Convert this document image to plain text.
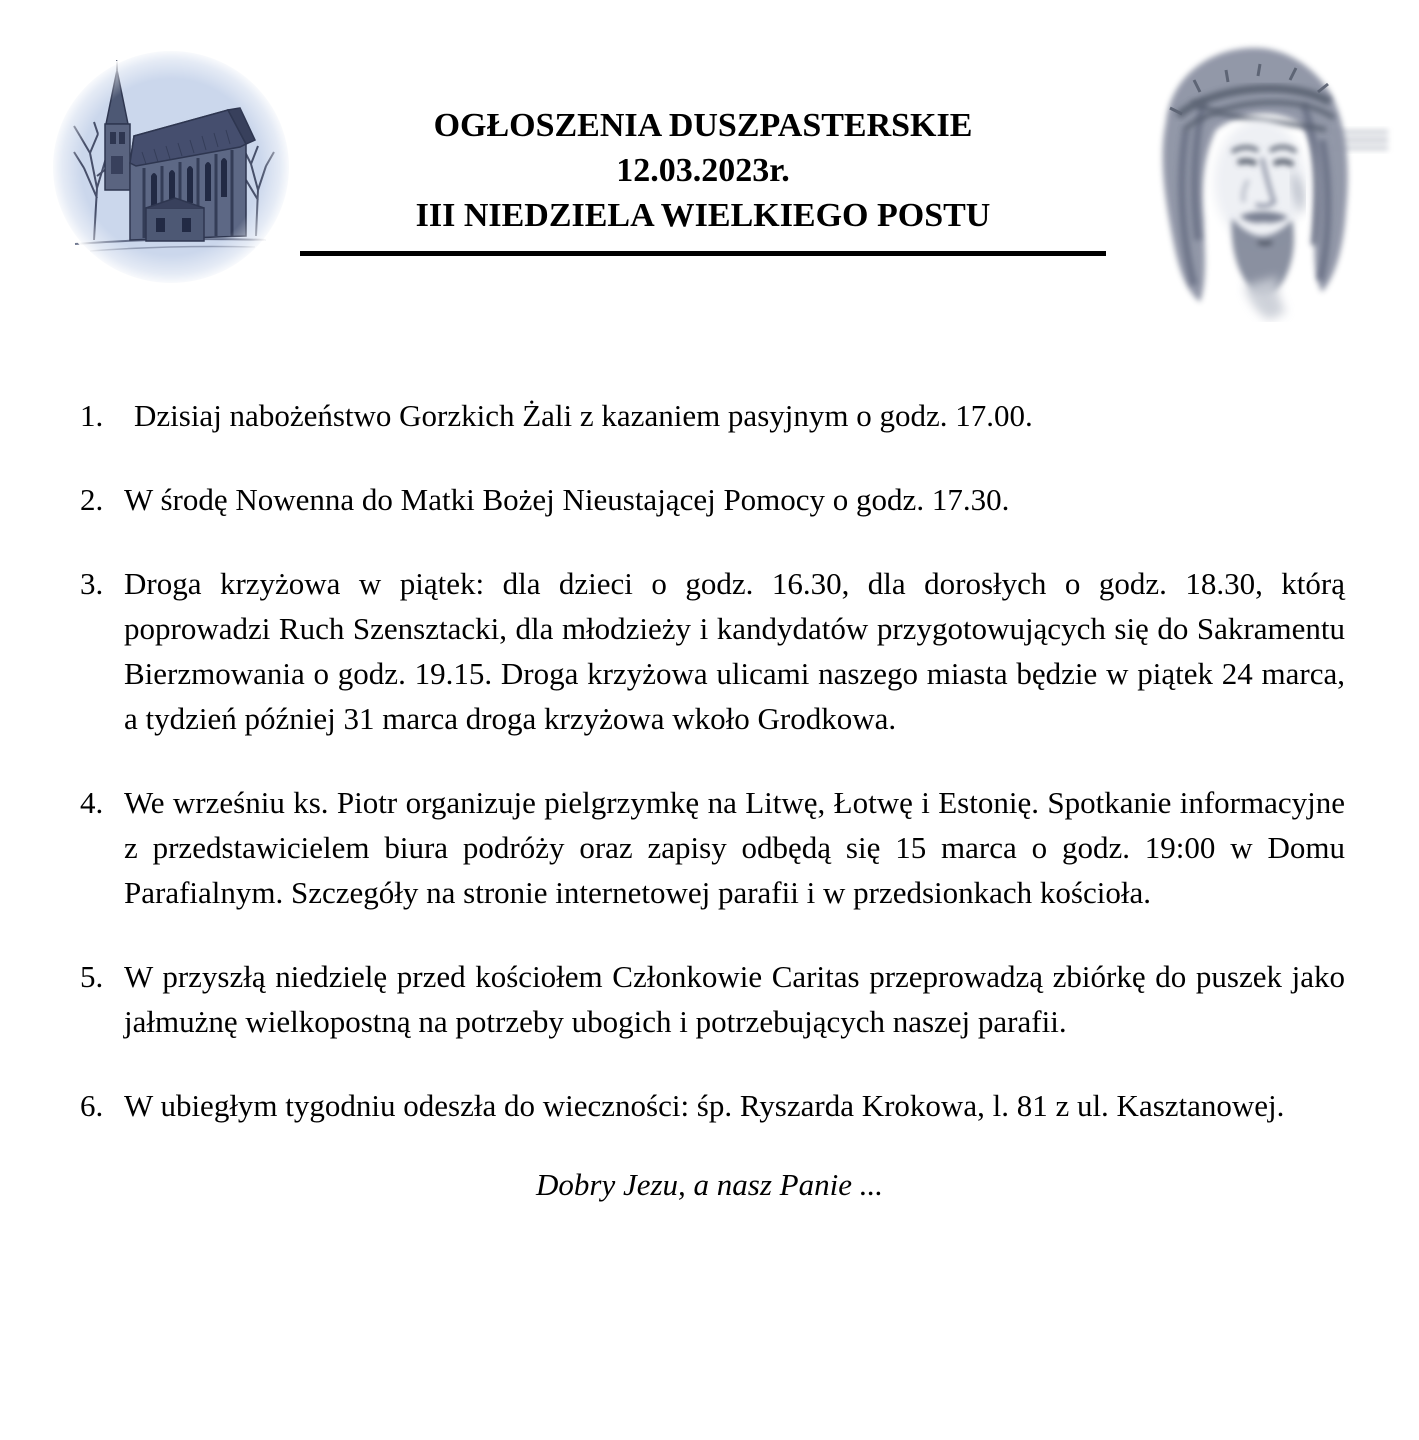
OGŁOSZENIA DUSZPASTERSKIE
12.03.2023r.
III NIEDZIELA WIELKIEGO POSTU
1. Dzisiaj nabożeństwo Gorzkich Żali z kazaniem pasyjnym o godz. 17.00.
2. W środę Nowenna do Matki Bożej Nieustającej Pomocy o godz. 17.30.
3. Droga krzyżowa w piątek: dla dzieci o godz. 16.30, dla dorosłych o godz. 18.30, którą poprowadzi Ruch Szensztacki, dla młodzieży i kandydatów przygotowujących się do Sakramentu Bierzmowania o godz. 19.15. Droga krzyżowa ulicami naszego miasta będzie w piątek 24 marca, a tydzień później 31 marca droga krzyżowa wkoło Grodkowa.
4. We wrześniu ks. Piotr organizuje pielgrzymkę na Litwę, Łotwę i Estonię. Spotkanie informacyjne z przedstawicielem biura podróży oraz zapisy odbędą się 15 marca o godz. 19:00 w Domu Parafialnym. Szczegóły na stronie internetowej parafii i w przedsionkach kościoła.
5. W przyszłą niedzielę przed kościołem Członkowie Caritas przeprowadzą zbiórkę do puszek jako jałmużnę wielkopostną na potrzeby ubogich i potrzebujących naszej parafii.
6. W ubiegłym tygodniu odeszła do wieczności: śp. Ryszarda Krokowa, l. 81 z ul. Kasztanowej.
Dobry Jezu, a nasz Panie ...
